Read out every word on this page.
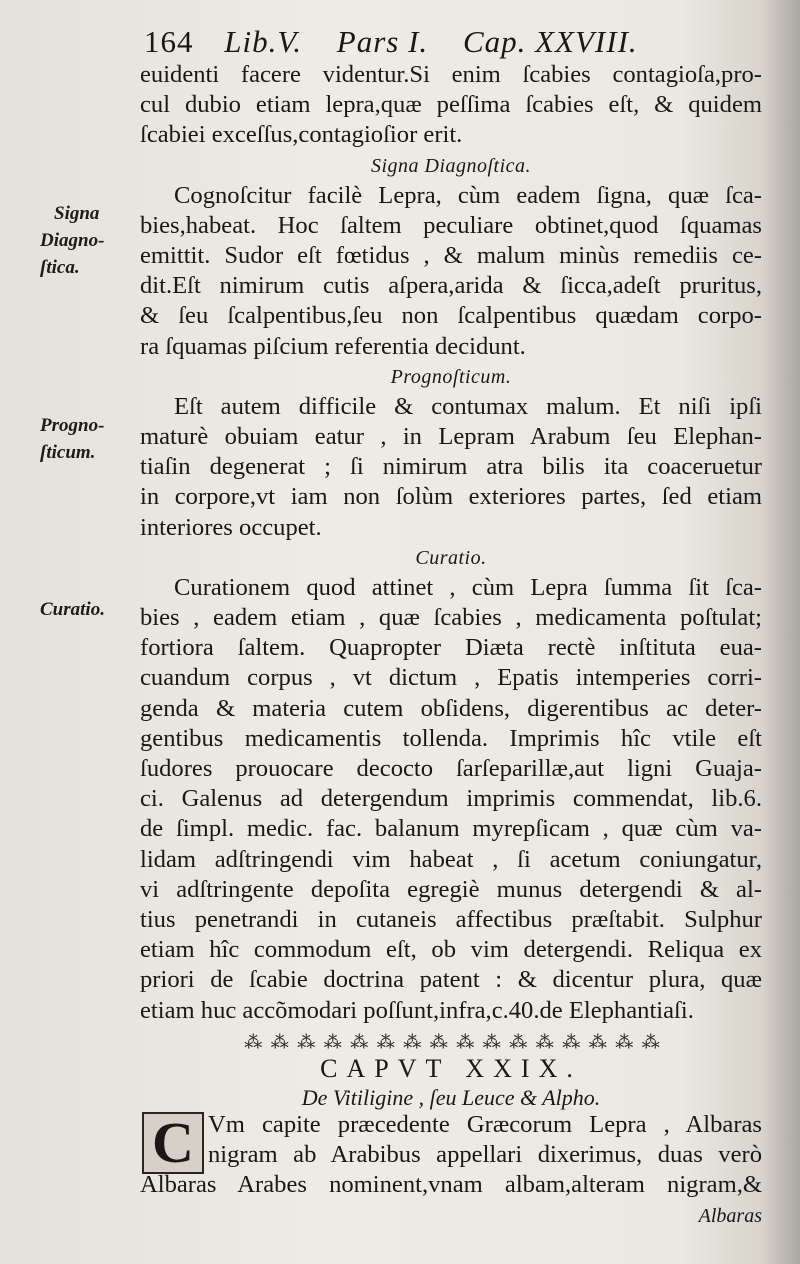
164 Lib.V. Pars I. Cap. XXVIII.
Signa
Diagno-
ſtica.
Progno-
ſticum.
Curatio.

euidenti facere videntur.Si enim ſcabies contagioſa,pro-

cul dubio etiam lepra,quæ peſſima ſcabies eſt, & quidem

ſcabiei exceſſus,contagioſior erit.

Signa Diagnoſtica.

Cognoſcitur facilè Lepra, cùm eadem ſigna, quæ ſca-

bies,habeat. Hoc ſaltem peculiare obtinet,quod ſquamas

emittit. Sudor eſt fœtidus , & malum minùs remediis ce-

dit.Eſt nimirum cutis aſpera,arida & ſicca,adeſt pruritus,

& ſeu ſcalpentibus,ſeu non ſcalpentibus quædam corpo-

ra ſquamas piſcium referentia decidunt.

Prognoſticum.

Eſt autem difficile & contumax malum. Et niſi ipſi

maturè obuiam eatur , in Lepram Arabum ſeu Elephan-

tiaſin degenerat ; ſi nimirum atra bilis ita coaceruetur

in corpore,vt iam non ſolùm exteriores partes, ſed etiam

interiores occupet.

Curatio.

Curationem quod attinet , cùm Lepra ſumma ſit ſca-

bies , eadem etiam , quæ ſcabies , medicamenta poſtulat;

fortiora ſaltem. Quapropter Diæta rectè inſtituta eua-

cuandum corpus , vt dictum , Epatis intemperies corri-

genda & materia cutem obſidens, digerentibus ac deter-

gentibus medicamentis tollenda. Imprimis hîc vtile eſt

ſudores prouocare decocto ſarſeparillæ,aut ligni Guaja-

ci. Galenus ad detergendum imprimis commendat, lib.6.

de ſimpl. medic. fac. balanum myrepſicam , quæ cùm va-

lidam adſtringendi vim habeat , ſi acetum coniungatur,

vi adſtringente depoſita egregiè munus detergendi & al-

tius penetrandi in cutaneis affectibus præſtabit. Sulphur

etiam hîc commodum eſt, ob vim detergendi. Reliqua ex

priori de ſcabie doctrina patent : & dicentur plura, quæ

etiam huc accõmodari poſſunt,infra,c.40.de Elephantiaſi.

⁂ ⁂ ⁂ ⁂ ⁂ ⁂ ⁂ ⁂ ⁂ ⁂ ⁂ ⁂ ⁂ ⁂ ⁂ ⁂
CAPVT XXIX.
De Vitiligine , ſeu Leuce & Alpho.
C Vm capite præcedente Græcorum Lepra , Albaras

nigram ab Arabibus appellari dixerimus, duas verò

Albaras Arabes nominent,vnam albam,alteram nigram,&

Albaras
